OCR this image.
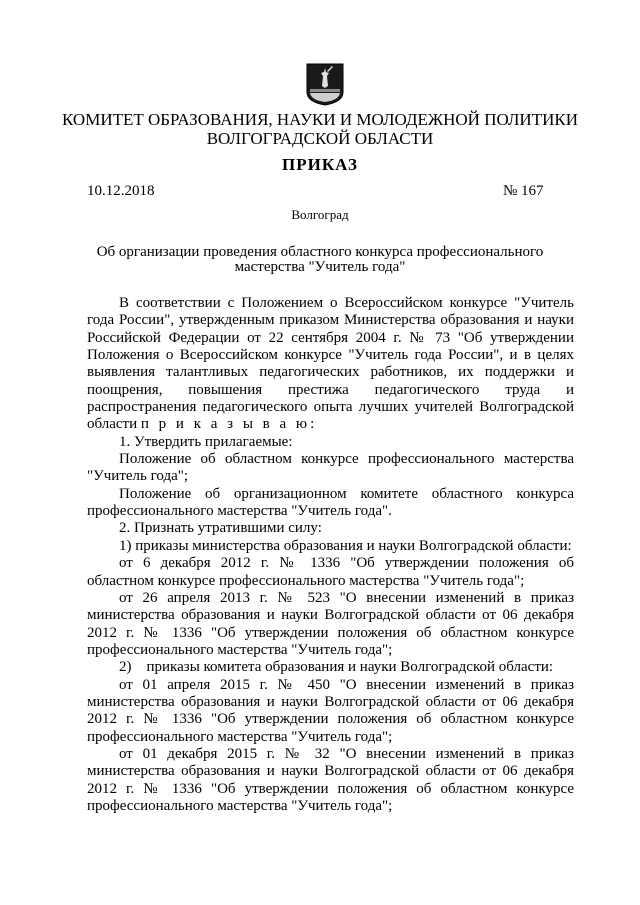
КОМИТЕТ ОБРАЗОВАНИЯ, НАУКИ И МОЛОДЕЖНОЙ ПОЛИТИКИ
ВОЛГОГРАДСКОЙ ОБЛАСТИ
ПРИКАЗ
10.12.2018	№ 167
Волгоград
Об организации проведения областного конкурса профессионального
мастерства "Учитель года"

В соответствии с Положением о Всероссийском конкурсе "Учитель года России", утвержденным приказом Министерства образования и науки Российской Федерации от 22 сентября 2004 г. № 73 "Об утверждении Положения о Всероссийском конкурсе "Учитель года России", и в целях выявления талантливых педагогических работников, их поддержки и поощрения, повышения престижа педагогического труда и распространения педагогического опыта лучших учителей Волгоградской области п р и к а з ы в а ю:

1. Утвердить прилагаемые:

Положение об областном конкурсе профессионального мастерства "Учитель года";

Положение об организационном комитете областного конкурса профессионального мастерства "Учитель года".

2. Признать утратившими силу:

1) приказы министерства образования и науки Волгоградской области:

от 6 декабря 2012 г. № 1336 "Об утверждении положения об областном конкурсе профессионального мастерства "Учитель года";

от 26 апреля 2013 г. № 523 "О внесении изменений в приказ министерства образования и науки Волгоградской области от 06 декабря 2012 г. № 1336 "Об утверждении положения об областном конкурсе профессионального мастерства "Учитель года";

2)    приказы комитета образования и науки Волгоградской области:

от 01 апреля 2015 г. № 450 "О внесении изменений в приказ министерства образования и науки Волгоградской области от 06 декабря 2012 г. № 1336 "Об утверждении положения об областном конкурсе профессионального мастерства "Учитель года";

от 01 декабря 2015 г. № 32 "О внесении изменений в приказ министерства образования и науки Волгоградской области от 06 декабря 2012 г. № 1336 "Об утверждении положения об областном конкурсе профессионального мастерства "Учитель года";
